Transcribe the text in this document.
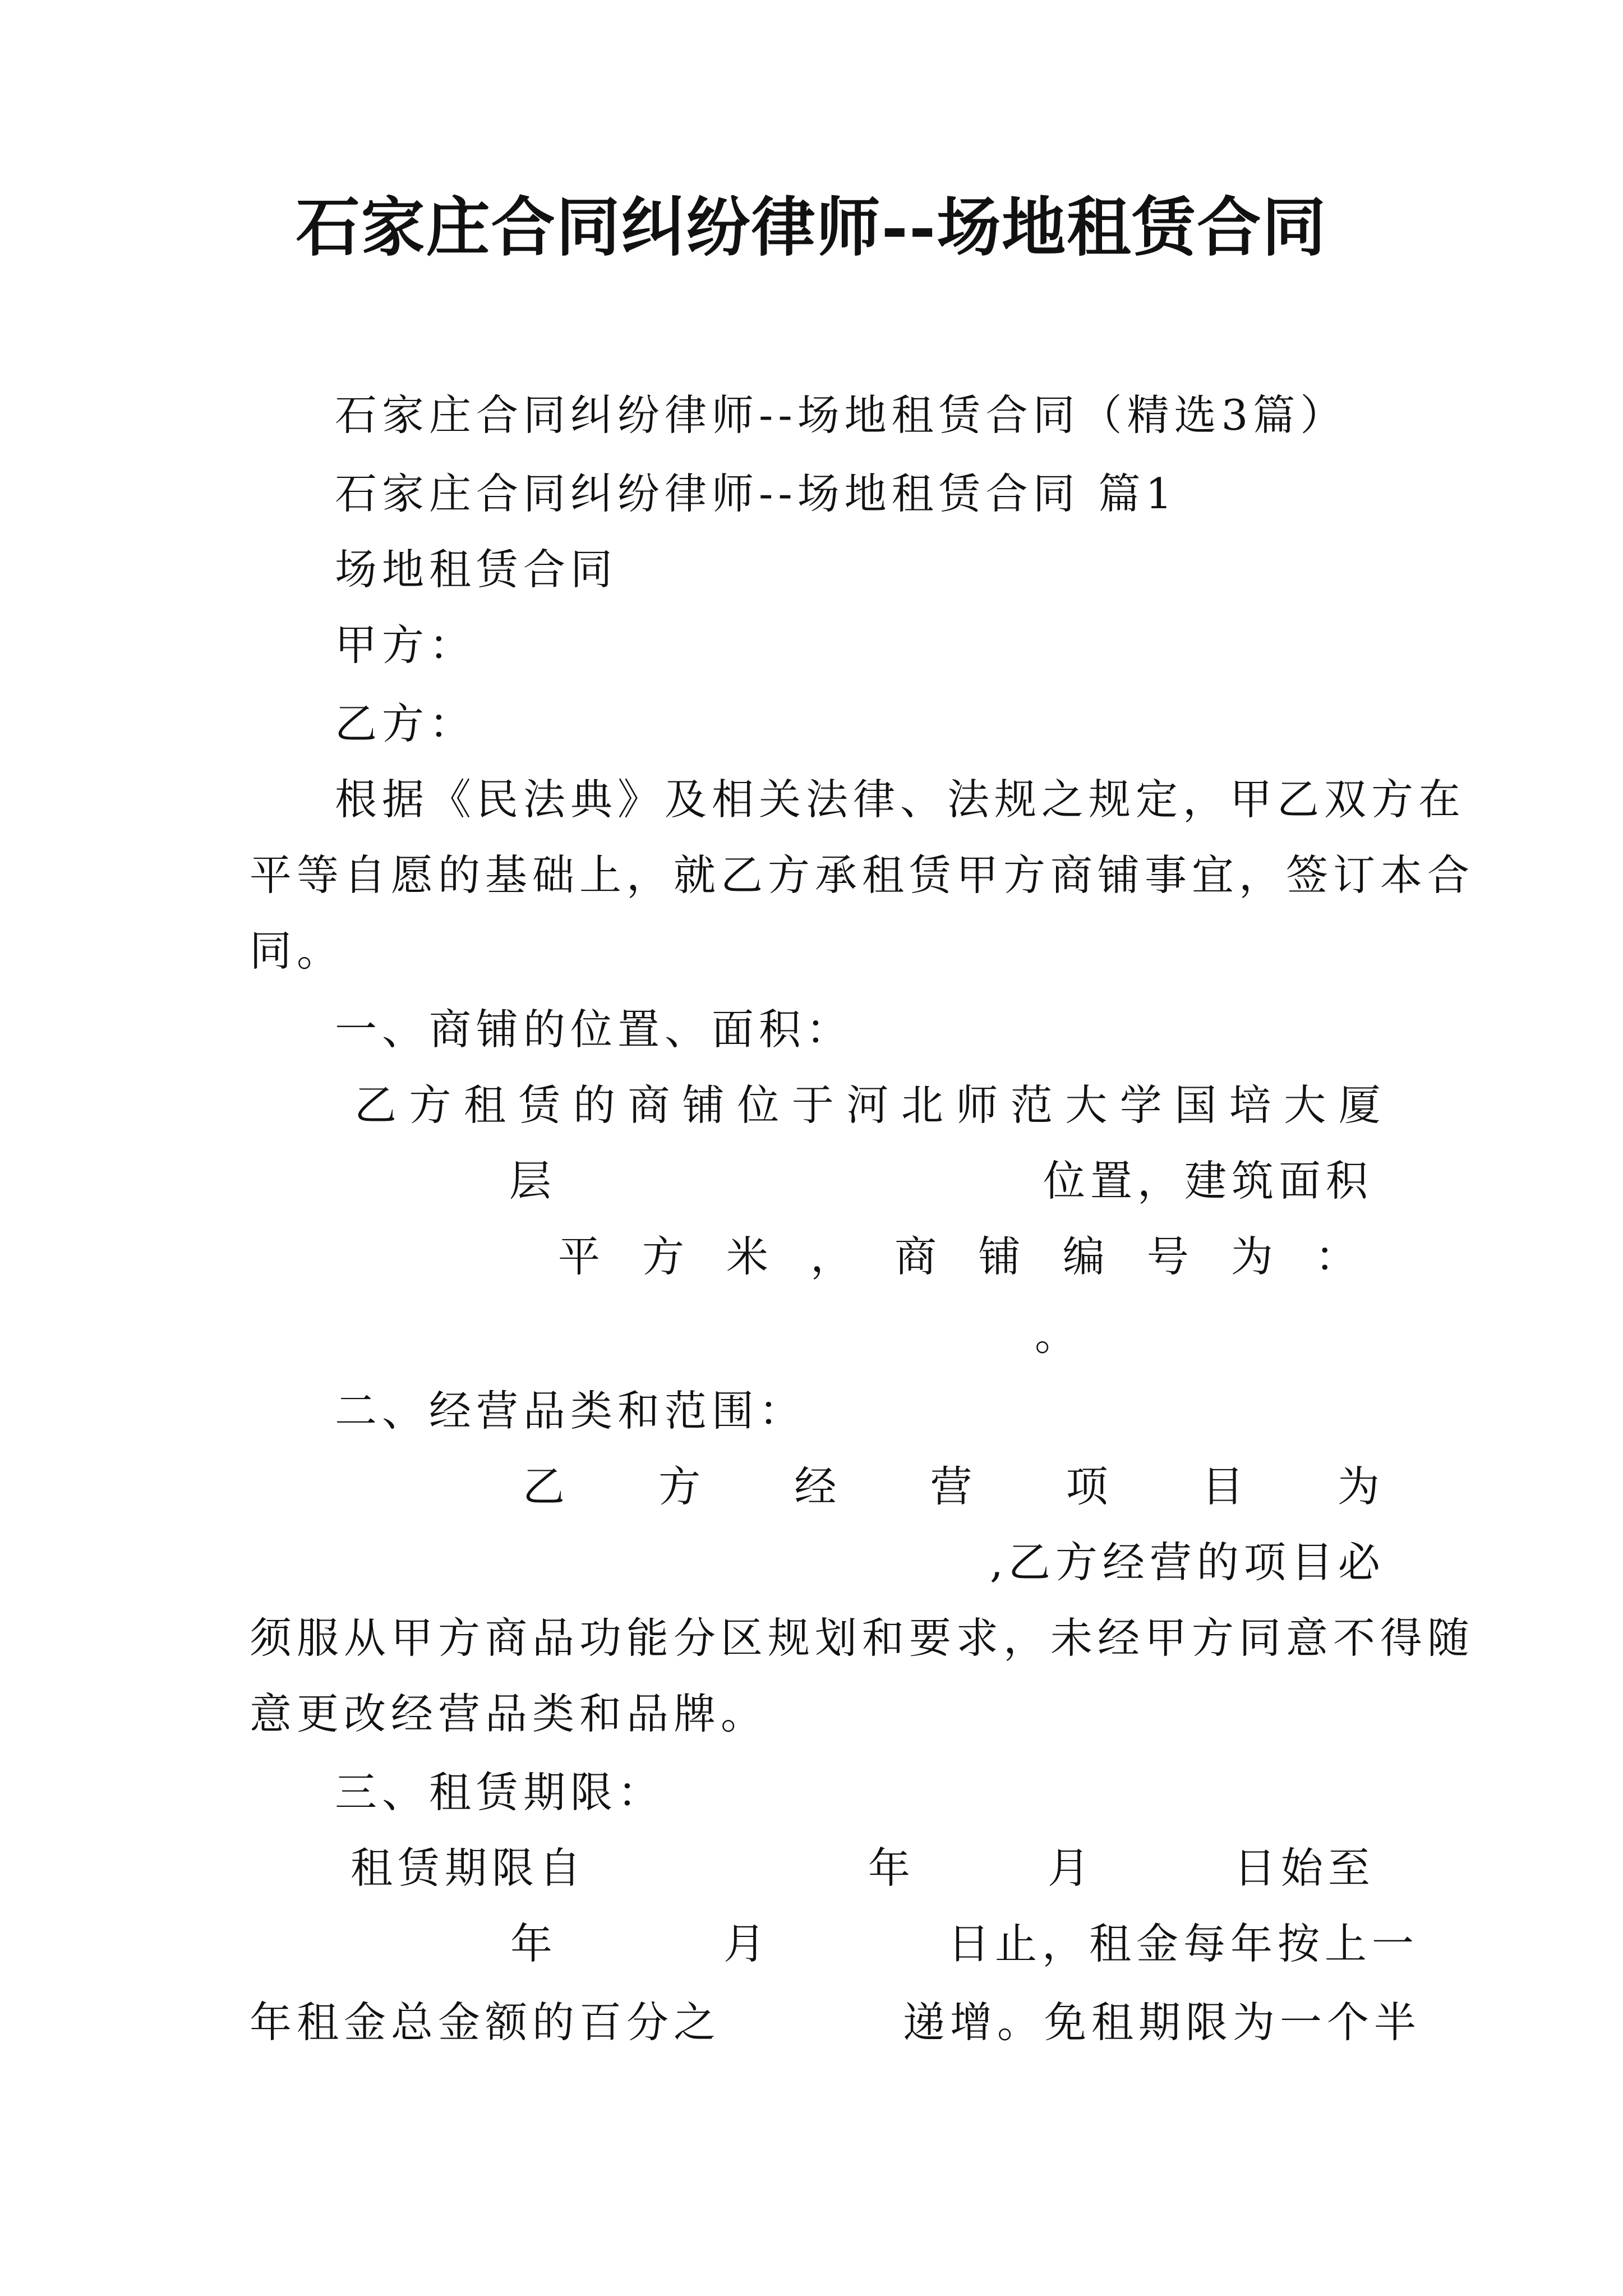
石家庄合同纠纷律师--场地租赁合同
石家庄合同纠纷律师--场地租赁合同（精选3篇）
石家庄合同纠纷律师--场地租赁合同 篇1
场地租赁合同
甲方：
乙方：
根据《民法典》及相关法律、法规之规定，甲乙双方在
平等自愿的基础上，就乙方承租赁甲方商铺事宜，签订本合
同。
一、商铺的位置、面积：
乙 方 租 赁 的 商 铺 位 于 河 北 师 范 大 学 国 培 大 厦
层	位置，建筑面积
平 方 米 ， 商 铺 编 号 为 ：
。
二、经营品类和范围：
乙 方 经 营 项 目 为
,乙方经营的项目必
须服从甲方商品功能分区规划和要求，未经甲方同意不得随
意更改经营品类和品牌。
三、租赁期限：
租赁期限自	年	月	日始至
年	月	日止，租金每年按上一
年租金总金额的百分之	递增。免租期限为一个半
